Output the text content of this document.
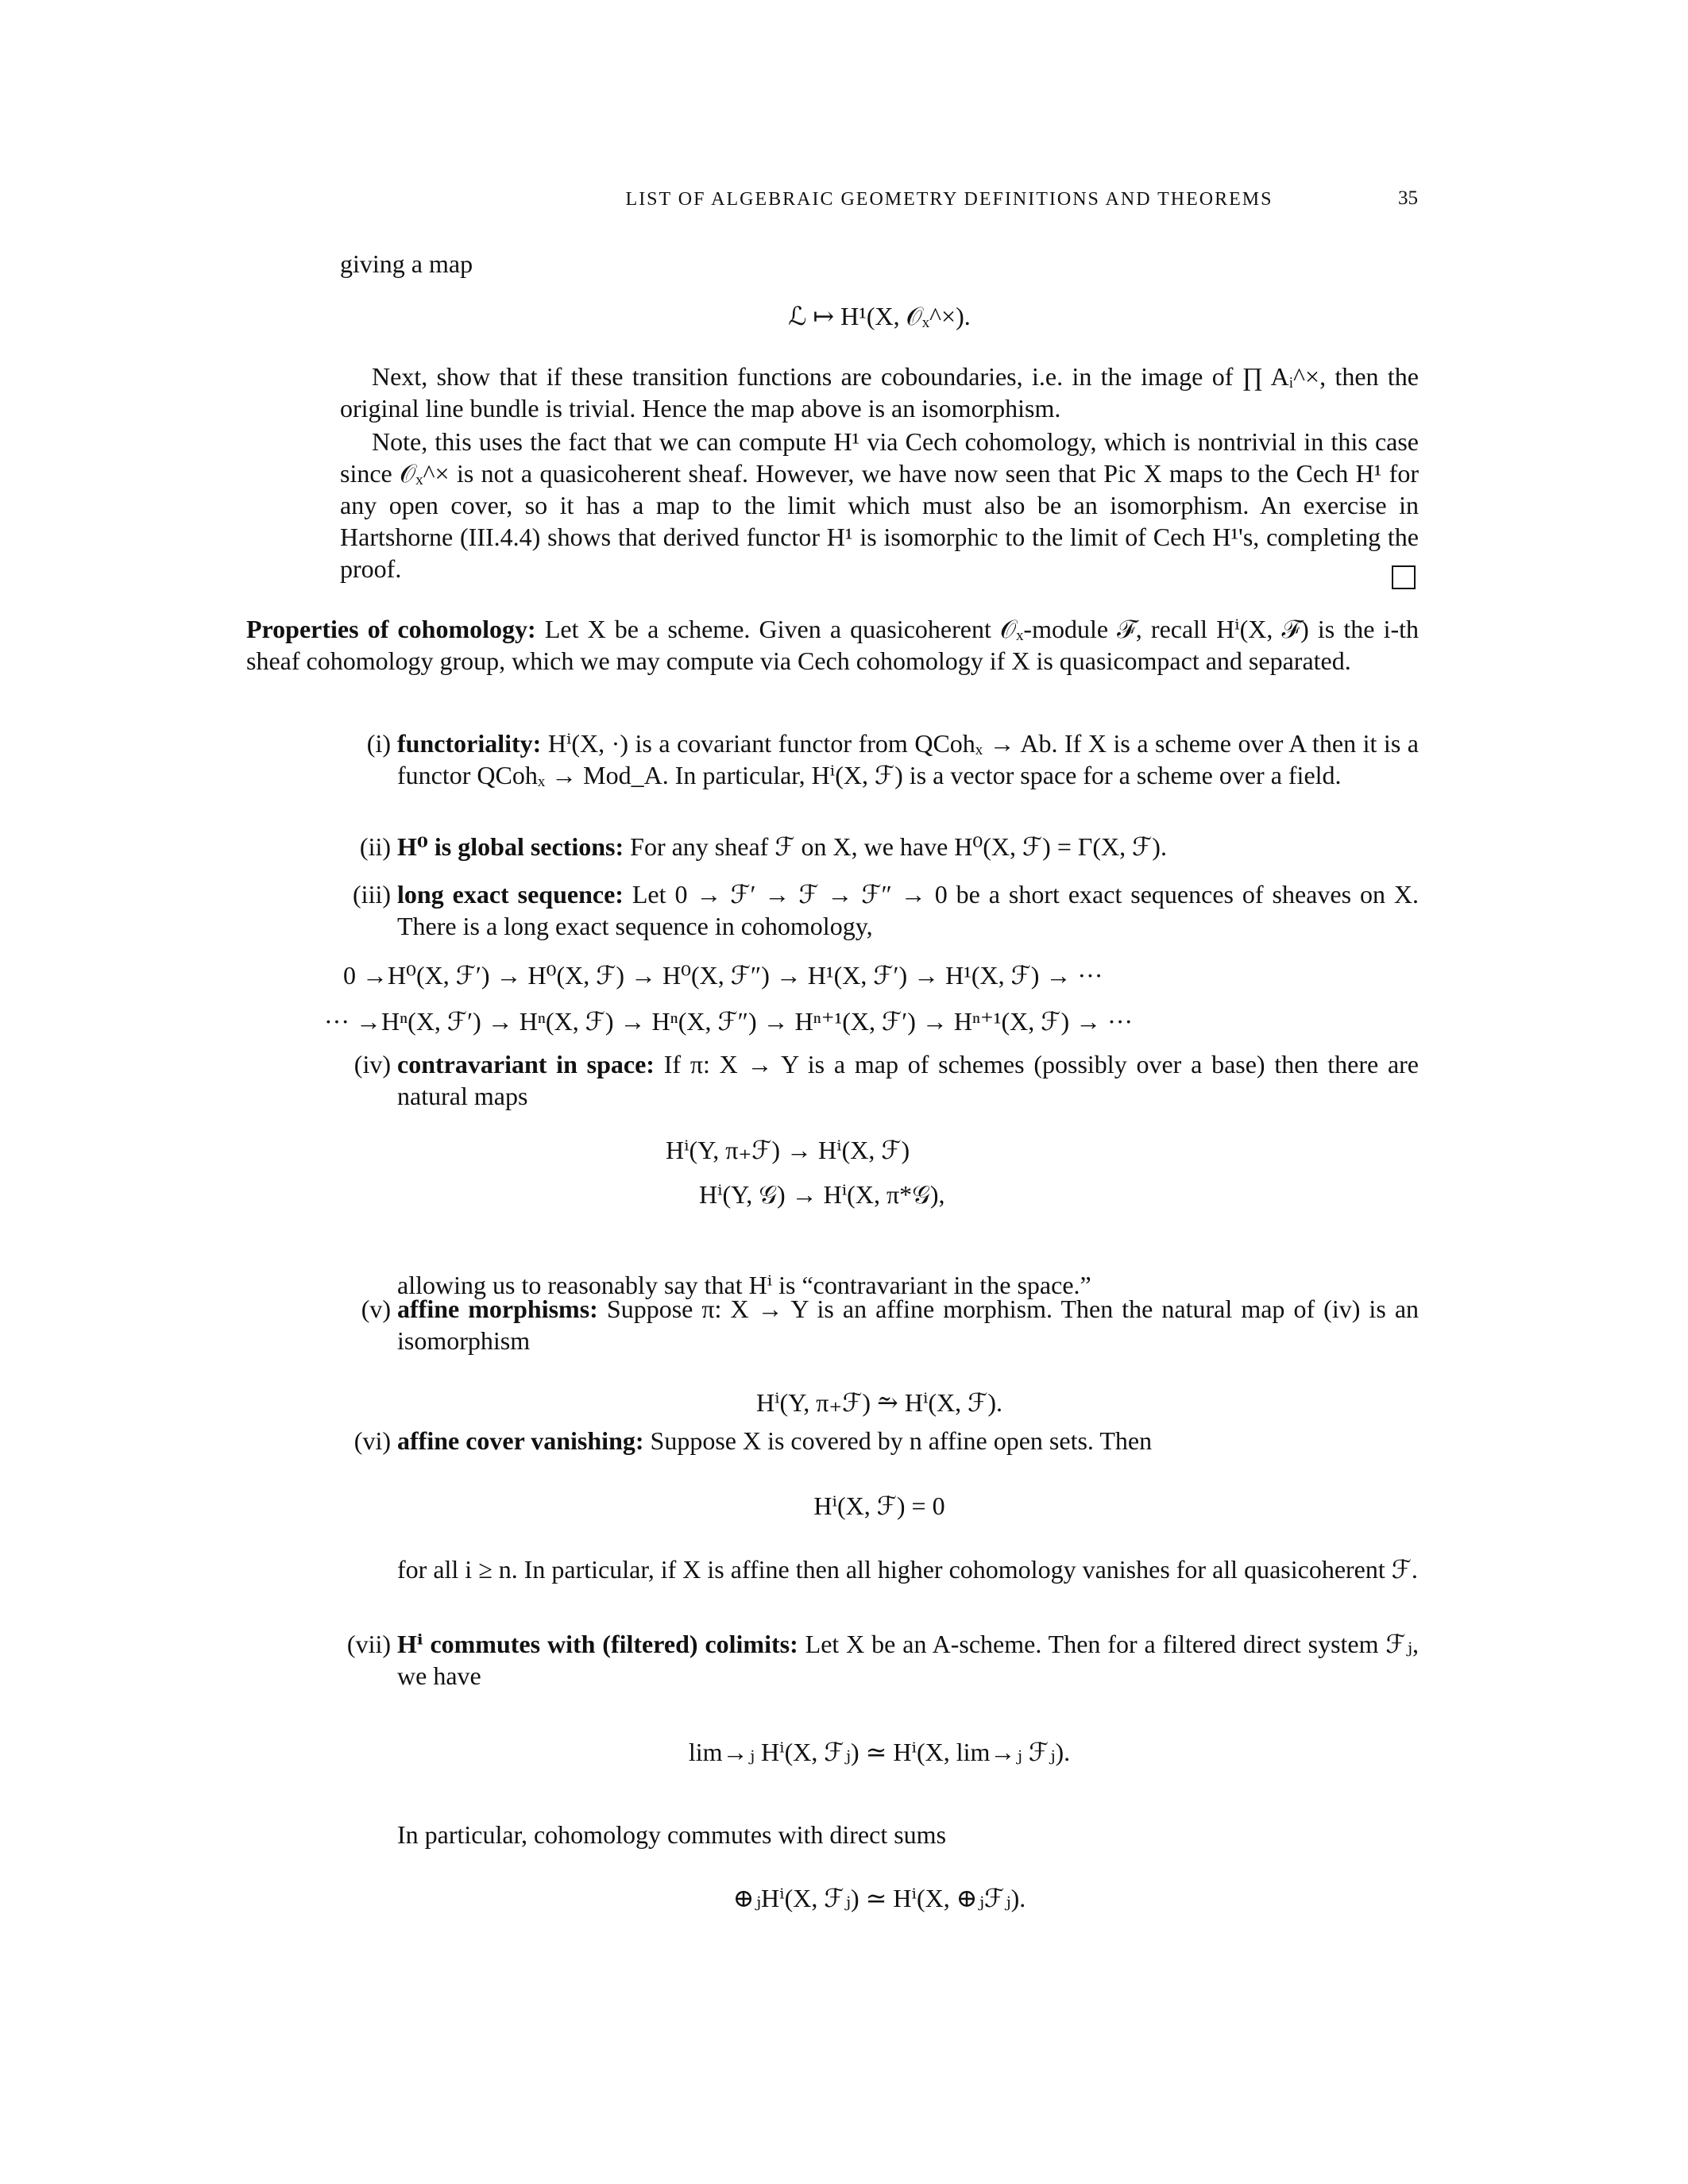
LIST OF ALGEBRAIC GEOMETRY DEFINITIONS AND THEOREMS	35
giving a map
ℒ ↦ H¹(X, 𝒪ₓ^×).
Next, show that if these transition functions are coboundaries, i.e. in the image of ∏ Aᵢ^×, then the original line bundle is trivial. Hence the map above is an isomorphism.
Note, this uses the fact that we can compute H¹ via Cech cohomology, which is nontrivial in this case since 𝒪ₓ^× is not a quasicoherent sheaf. However, we have now seen that Pic X maps to the Cech H¹ for any open cover, so it has a map to the limit which must also be an isomorphism. An exercise in Hartshorne (III.4.4) shows that derived functor H¹ is isomorphic to the limit of Cech H¹'s, completing the proof.
Properties of cohomology: Let X be a scheme. Given a quasicoherent 𝒪ₓ-module ℱ, recall Hⁱ(X, ℱ) is the i-th sheaf cohomology group, which we may compute via Cech cohomology if X is quasicompact and separated.
(i) functoriality: Hⁱ(X, ·) is a covariant functor from QCohₓ → Ab. If X is a scheme over A then it is a functor QCohₓ → Mod_A. In particular, Hⁱ(X, ℱ) is a vector space for a scheme over a field.
(ii) H⁰ is global sections: For any sheaf ℱ on X, we have H⁰(X, ℱ) = Γ(X, ℱ).
(iii) long exact sequence: Let 0 → ℱ′ → ℱ → ℱ″ → 0 be a short exact sequences of sheaves on X. There is a long exact sequence in cohomology,
0 →H⁰(X, ℱ′) → H⁰(X, ℱ) → H⁰(X, ℱ″) → H¹(X, ℱ′) → H¹(X, ℱ) → ···
··· →Hⁿ(X, ℱ′) → Hⁿ(X, ℱ) → Hⁿ(X, ℱ″) → Hⁿ⁺¹(X, ℱ′) → Hⁿ⁺¹(X, ℱ) → ···
(iv) contravariant in space: If π: X → Y is a map of schemes (possibly over a base) then there are natural maps
Hⁱ(Y, π₊ℱ) → Hⁱ(X, ℱ)
Hⁱ(Y, 𝒢) → Hⁱ(X, π*𝒢),
allowing us to reasonably say that Hⁱ is “contravariant in the space.”
(v) affine morphisms: Suppose π: X → Y is an affine morphism. Then the natural map of (iv) is an isomorphism
Hⁱ(Y, π₊ℱ) ⥲ Hⁱ(X, ℱ).
(vi) affine cover vanishing: Suppose X is covered by n affine open sets. Then
Hⁱ(X, ℱ) = 0
for all i ≥ n. In particular, if X is affine then all higher cohomology vanishes for all quasicoherent ℱ.
(vii) Hⁱ commutes with (filtered) colimits: Let X be an A-scheme. Then for a filtered direct system ℱⱼ, we have
lim→ⱼ Hⁱ(X, ℱⱼ) ≃ Hⁱ(X, lim→ⱼ ℱⱼ).
In particular, cohomology commutes with direct sums
⊕ⱼHⁱ(X, ℱⱼ) ≃ Hⁱ(X, ⊕ⱼℱⱼ).
